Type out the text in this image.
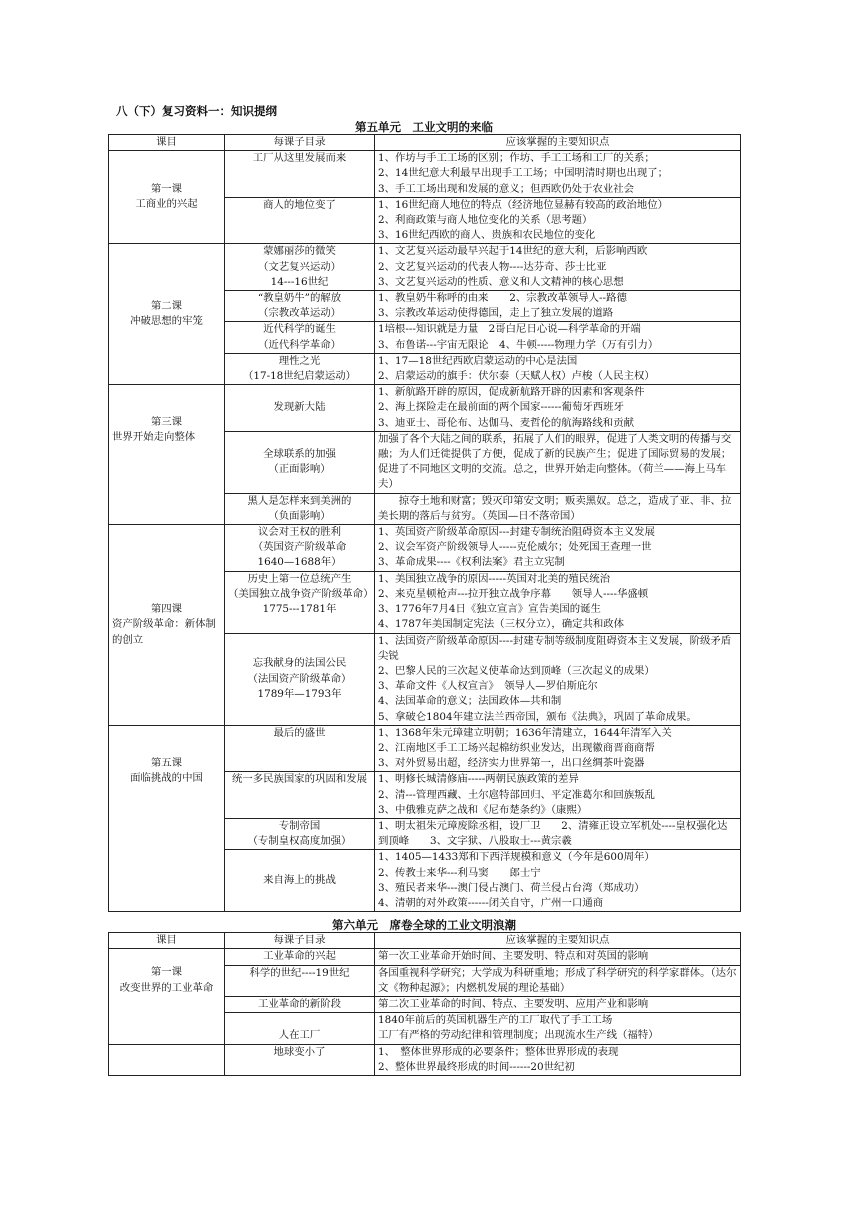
八（下）复习资料一：知识提纲
第五单元　工业文明的来临
课目	每课子目录	应该掌握的主要知识点

第一课
工商业的兴起	工厂从这里发展而来	1、作坊与手工工场的区别；作坊、手工工场和工厂的关系；
2、14世纪意大利最早出现手工工场；中国明清时期也出现了；
3、手工工场出现和发展的意义；但西欧仍处于农业社会

	商人的地位变了	1、16世纪商人地位的特点（经济地位显赫有较高的政治地位）
2、利商政策与商人地位变化的关系（思考题）
3、16世纪西欧的商人、贵族和农民地位的变化

第二课
冲破思想的牢笼	蒙娜丽莎的微笑
（文艺复兴运动）
14---16世纪	1、文艺复兴运动最早兴起于14世纪的意大利，后影响西欧
2、文艺复兴运动的代表人物----达芬奇、莎士比亚
3、文艺复兴运动的性质、意义和人文精神的核心思想

	“教皇奶牛”的解放
（宗教改革运动）	1、教皇奶牛称呼的由来　　2、宗教改革领导人--路德
3、宗教改革运动使得德国，走上了独立发展的道路

	近代科学的诞生
（近代科学革命）	1培根---知识就是力量　2哥白尼日心说—科学革命的开端
3、布鲁诺---宇宙无限论　4、牛顿-----物理力学（万有引力）

	理性之光
（17-18世纪启蒙运动）	1、17—18世纪西欧启蒙运动的中心是法国
2、启蒙运动的旗手：伏尔泰（天赋人权）卢梭（人民主权）

第三课
世界开始走向整体	发现新大陆	1、新航路开辟的原因，促成新航路开辟的因素和客观条件
2、海上探险走在最前面的两个国家------葡萄牙西班牙
3、迪亚士、哥伦布、达伽马、麦哲伦的航海路线和贡献

	全球联系的加强
（正面影响）	加强了各个大陆之间的联系，拓展了人们的眼界，促进了人类文明的传播与交融；为人们迁徙提供了方便，促成了新的民族产生；促进了国际贸易的发展；促进了不同地区文明的交流。总之，世界开始走向整体。（荷兰——海上马车夫）

	黑人是怎样来到美洲的
（负面影响）	　　掠夺土地和财富；毁灭印第安文明；贩卖黑奴。总之，造成了亚、非、拉美长期的落后与贫穷。（英国—日不落帝国）

第四课
资产阶级革命：新体制的创立	议会对王权的胜利
（英国资产阶级革命
1640—1688年）	1、英国资产阶级革命原因---封建专制统治阻碍资本主义发展
2、议会军资产阶级领导人-----克伦威尔；处死国王查理一世
3、革命成果----《权利法案》君主立宪制

	历史上第一位总统产生
（美国独立战争资产阶级革命）
1775---1781年	1、美国独立战争的原因-----英国对北美的殖民统治
2、来克星顿枪声---拉开独立战争序幕　　领导人----华盛顿
3、1776年7月4日《独立宣言》宣告美国的诞生
4、1787年美国制定宪法（三权分立），确定共和政体

	忘我献身的法国公民
（法国资产阶级革命）
1789年—1793年	1、法国资产阶级革命原因----封建专制等级制度阻碍资本主义发展，阶级矛盾尖锐
2、巴黎人民的三次起义使革命达到顶峰（三次起义的成果）
3、革命文件《人权宣言》　领导人—罗伯斯庇尔
4、法国革命的意义；法国政体—共和制
5、拿破仑1804年建立法兰西帝国，颁布《法典》，巩固了革命成果。

第五课
面临挑战的中国	最后的盛世	1、1368年朱元璋建立明朝；1636年清建立，1644年清军入关
2、江南地区手工工场兴起棉纺织业发达，出现徽商晋商商帮
3、对外贸易出超，经济实力世界第一，出口丝绸茶叶瓷器

	统一多民族国家的巩固和发展	1、明修长城清修庙-----两朝民族政策的差异
2、清---管理西藏、土尔扈特部回归、平定准葛尔和回族叛乱
3、中俄雅克萨之战和《尼布楚条约》（康熙）

	专制帝国
（专制皇权高度加强）	1、明太祖朱元璋废除丞相，设厂卫　　2、清雍正设立军机处----皇权强化达到顶峰　　3、文字狱、八股取士---黄宗羲

	来自海上的挑战	1、1405—1433郑和下西洋规模和意义（今年是600周年）
2、传教士来华---利马窦　　郎士宁
3、殖民者来华---澳门侵占澳门、荷兰侵占台湾（郑成功）
4、清朝的对外政策------闭关自守，广州一口通商
第六单元　席卷全球的工业文明浪潮
课目	每课子目录	应该掌握的主要知识点

第一课
改变世界的工业革命	工业革命的兴起	第一次工业革命开始时间、主要发明、特点和对英国的影响

	科学的世纪----19世纪	各国重视科学研究；大学成为科研重地；形成了科学研究的科学家群体。（达尔文《物种起源》；内燃机发展的理论基础）

	工业革命的新阶段	第二次工业革命的时间、特点、主要发明、应用产业和影响

	人在工厂	1840年前后的英国机器生产的工厂取代了手工工场
工厂有严格的劳动纪律和管理制度；出现流水生产线（福特）

	地球变小了	1、　整体世界形成的必要条件；整体世界形成的表现
2、整体世界最终形成的时间------20世纪初
